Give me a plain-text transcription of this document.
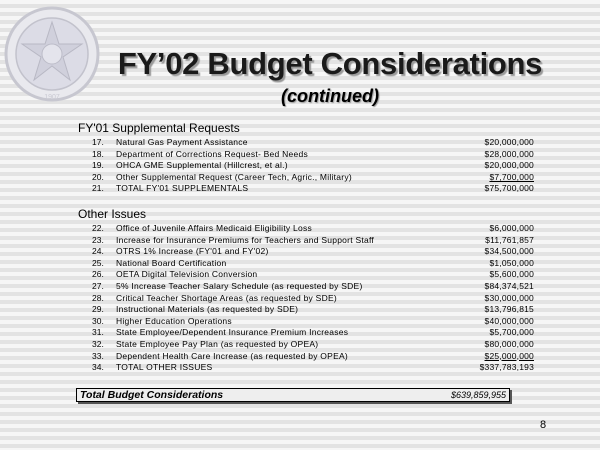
1907
FY’02 Budget Considerations
(continued)
FY'01 Supplemental Requests
17.	Natural Gas Payment Assistance	$20,000,000
18.	Department of Corrections Request- Bed Needs	$28,000,000
19.	OHCA GME Supplemental (Hillcrest, et al.)	$20,000,000
20.	Other Supplemental Request (Career Tech, Agric., Military)	$7,700,000
21.	TOTAL FY'01 SUPPLEMENTALS	$75,700,000
Other Issues
22.	Office of Juvenile Affairs Medicaid Eligibility Loss	$6,000,000
23.	Increase for Insurance Premiums for Teachers and Support Staff	$11,761,857
24.	OTRS 1% Increase (FY'01 and FY'02)	$34,500,000
25.	National Board Certification	$1,050,000
26.	OETA Digital Television Conversion	$5,600,000
27.	5% Increase Teacher Salary Schedule (as requested by SDE)	$84,374,521
28.	Critical Teacher Shortage Areas (as requested by SDE)	$30,000,000
29.	Instructional Materials (as requested by SDE)	$13,796,815
30.	Higher Education Operations	$40,000,000
31.	State Employee/Dependent Insurance Premium Increases	$5,700,000
32.	State Employee Pay Plan (as requested by OPEA)	$80,000,000
33.	Dependent Health Care Increase (as requested by OPEA)	$25,000,000
34.	TOTAL OTHER ISSUES	$337,783,193
Total Budget Considerations	$639,859,955
8
